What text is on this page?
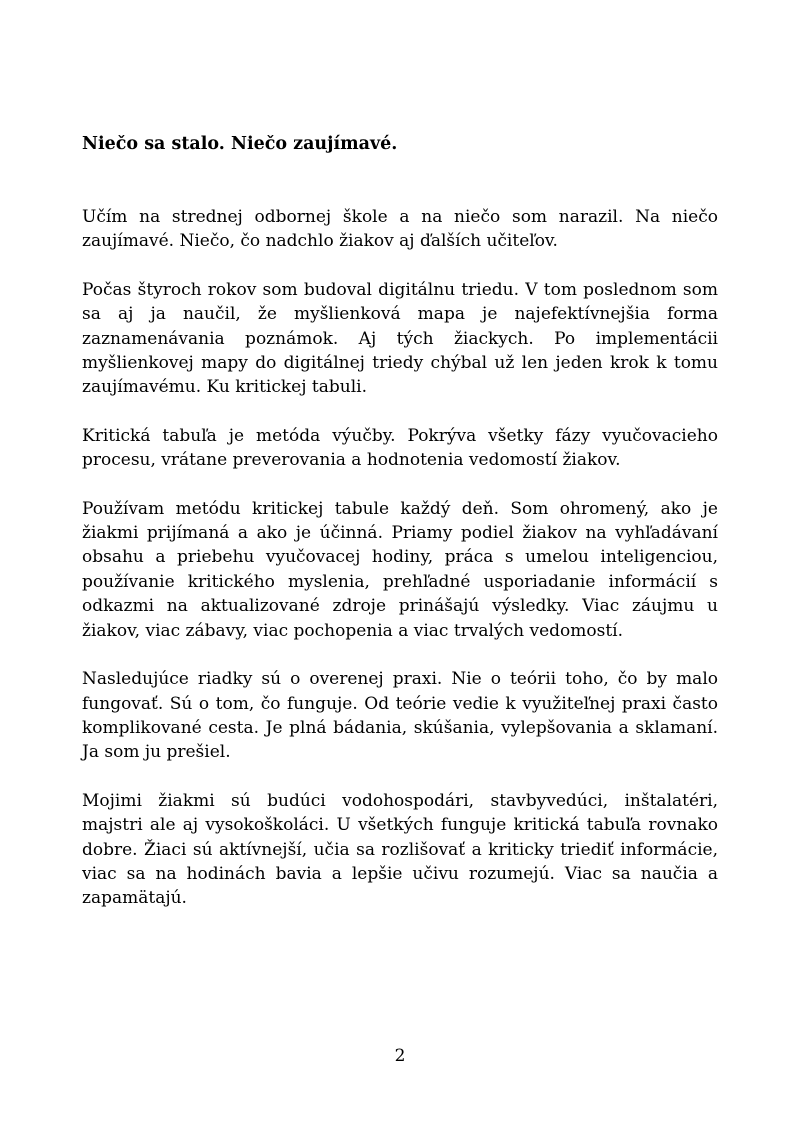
Niečo sa stalo. Niečo zaujímavé.

Učím na strednej odbornej škole a na niečo som narazil. Na niečo zaujímavé. Niečo, čo nadchlo žiakov aj ďalších učiteľov.

Počas štyroch rokov som budoval digitálnu triedu. V tom poslednom som sa aj ja naučil, že myšlienková mapa je najefektívnejšia forma zaznamenávania poznámok. Aj tých žiackych. Po implementácii myšlienkovej mapy do digitálnej triedy chýbal už len jeden krok k tomu zaujímavému. Ku kritickej tabuli.

Kritická tabuľa je metóda výučby. Pokrýva všetky fázy vyučovacieho procesu, vrátane preverovania a hodnotenia vedomostí žiakov.

Používam metódu kritickej tabule každý deň. Som ohromený, ako je žiakmi prijímaná a ako je účinná. Priamy podiel žiakov na vyhľadávaní obsahu a priebehu vyučovacej hodiny, práca s umelou inteligenciou, používanie kritického myslenia, prehľadné usporiadanie informácií s odkazmi na aktualizované zdroje prinášajú výsledky. Viac záujmu u žiakov, viac zábavy, viac pochopenia a viac trvalých vedomostí.

Nasledujúce riadky sú o overenej praxi. Nie o teórii toho, čo by malo fungovať. Sú o tom, čo funguje. Od teórie vedie k využiteľnej praxi často komplikované cesta. Je plná bádania, skúšania, vylepšovania a sklamaní. Ja som ju prešiel.

Mojimi žiakmi sú budúci vodohospodári, stavbyvedúci, inštalatéri, majstri ale aj vysokoškoláci. U všetkých funguje kritická tabuľa rovnako dobre. Žiaci sú aktívnejší, učia sa rozlišovať a kriticky triediť informácie, viac sa na hodinách bavia a lepšie učivu rozumejú. Viac sa naučia a zapamätajú.

2
